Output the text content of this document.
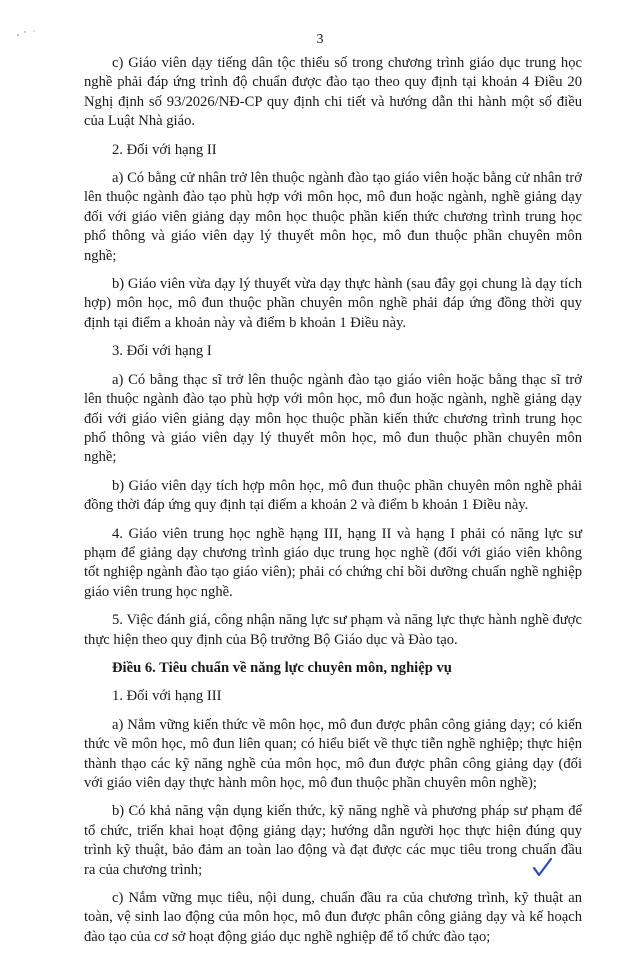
3

c) Giáo viên dạy tiếng dân tộc thiểu số trong chương trình giáo dục trung học nghề phải đáp ứng trình độ chuẩn được đào tạo theo quy định tại khoản 4 Điều 20 Nghị định số 93/2026/NĐ-CP quy định chi tiết và hướng dẫn thi hành một số điều của Luật Nhà giáo.

2. Đối với hạng II

a) Có bằng cử nhân trở lên thuộc ngành đào tạo giáo viên hoặc bằng cử nhân trở lên thuộc ngành đào tạo phù hợp với môn học, mô đun hoặc ngành, nghề giảng dạy đối với giáo viên giảng dạy môn học thuộc phần kiến thức chương trình trung học phổ thông và giáo viên dạy lý thuyết môn học, mô đun thuộc phần chuyên môn nghề;

b) Giáo viên vừa dạy lý thuyết vừa dạy thực hành (sau đây gọi chung là dạy tích hợp) môn học, mô đun thuộc phần chuyên môn nghề phải đáp ứng đồng thời quy định tại điểm a khoản này và điểm b khoản 1 Điều này.

3. Đối với hạng I

a) Có bằng thạc sĩ trở lên thuộc ngành đào tạo giáo viên hoặc bằng thạc sĩ trở lên thuộc ngành đào tạo phù hợp với môn học, mô đun hoặc ngành, nghề giảng dạy đối với giáo viên giảng dạy môn học thuộc phần kiến thức chương trình trung học phổ thông và giáo viên dạy lý thuyết môn học, mô đun thuộc phần chuyên môn nghề;

b) Giáo viên dạy tích hợp môn học, mô đun thuộc phần chuyên môn nghề phải đồng thời đáp ứng quy định tại điểm a khoản 2 và điểm b khoản 1 Điều này.

4. Giáo viên trung học nghề hạng III, hạng II và hạng I phải có năng lực sư phạm để giảng dạy chương trình giáo dục trung học nghề (đối với giáo viên không tốt nghiệp ngành đào tạo giáo viên); phải có chứng chỉ bồi dưỡng chuẩn nghề nghiệp giáo viên trung học nghề.

5. Việc đánh giá, công nhận năng lực sư phạm và năng lực thực hành nghề được thực hiện theo quy định của Bộ trưởng Bộ Giáo dục và Đào tạo.

Điều 6. Tiêu chuẩn về năng lực chuyên môn, nghiệp vụ

1. Đối với hạng III

a) Nắm vững kiến thức về môn học, mô đun được phân công giảng dạy; có kiến thức về môn học, mô đun liên quan; có hiểu biết về thực tiễn nghề nghiệp; thực hiện thành thạo các kỹ năng nghề của môn học, mô đun được phân công giảng dạy (đối với giáo viên dạy thực hành môn học, mô đun thuộc phần chuyên môn nghề);

b) Có khả năng vận dụng kiến thức, kỹ năng nghề và phương pháp sư phạm để tổ chức, triển khai hoạt động giảng dạy; hướng dẫn người học thực hiện đúng quy trình kỹ thuật, bảo đảm an toàn lao động và đạt được các mục tiêu trong chuẩn đầu ra của chương trình;

c) Nắm vững mục tiêu, nội dung, chuẩn đầu ra của chương trình, kỹ thuật an toàn, vệ sinh lao động của môn học, mô đun được phân công giảng dạy và kế hoạch đào tạo của cơ sở hoạt động giáo dục nghề nghiệp để tổ chức đào tạo;
